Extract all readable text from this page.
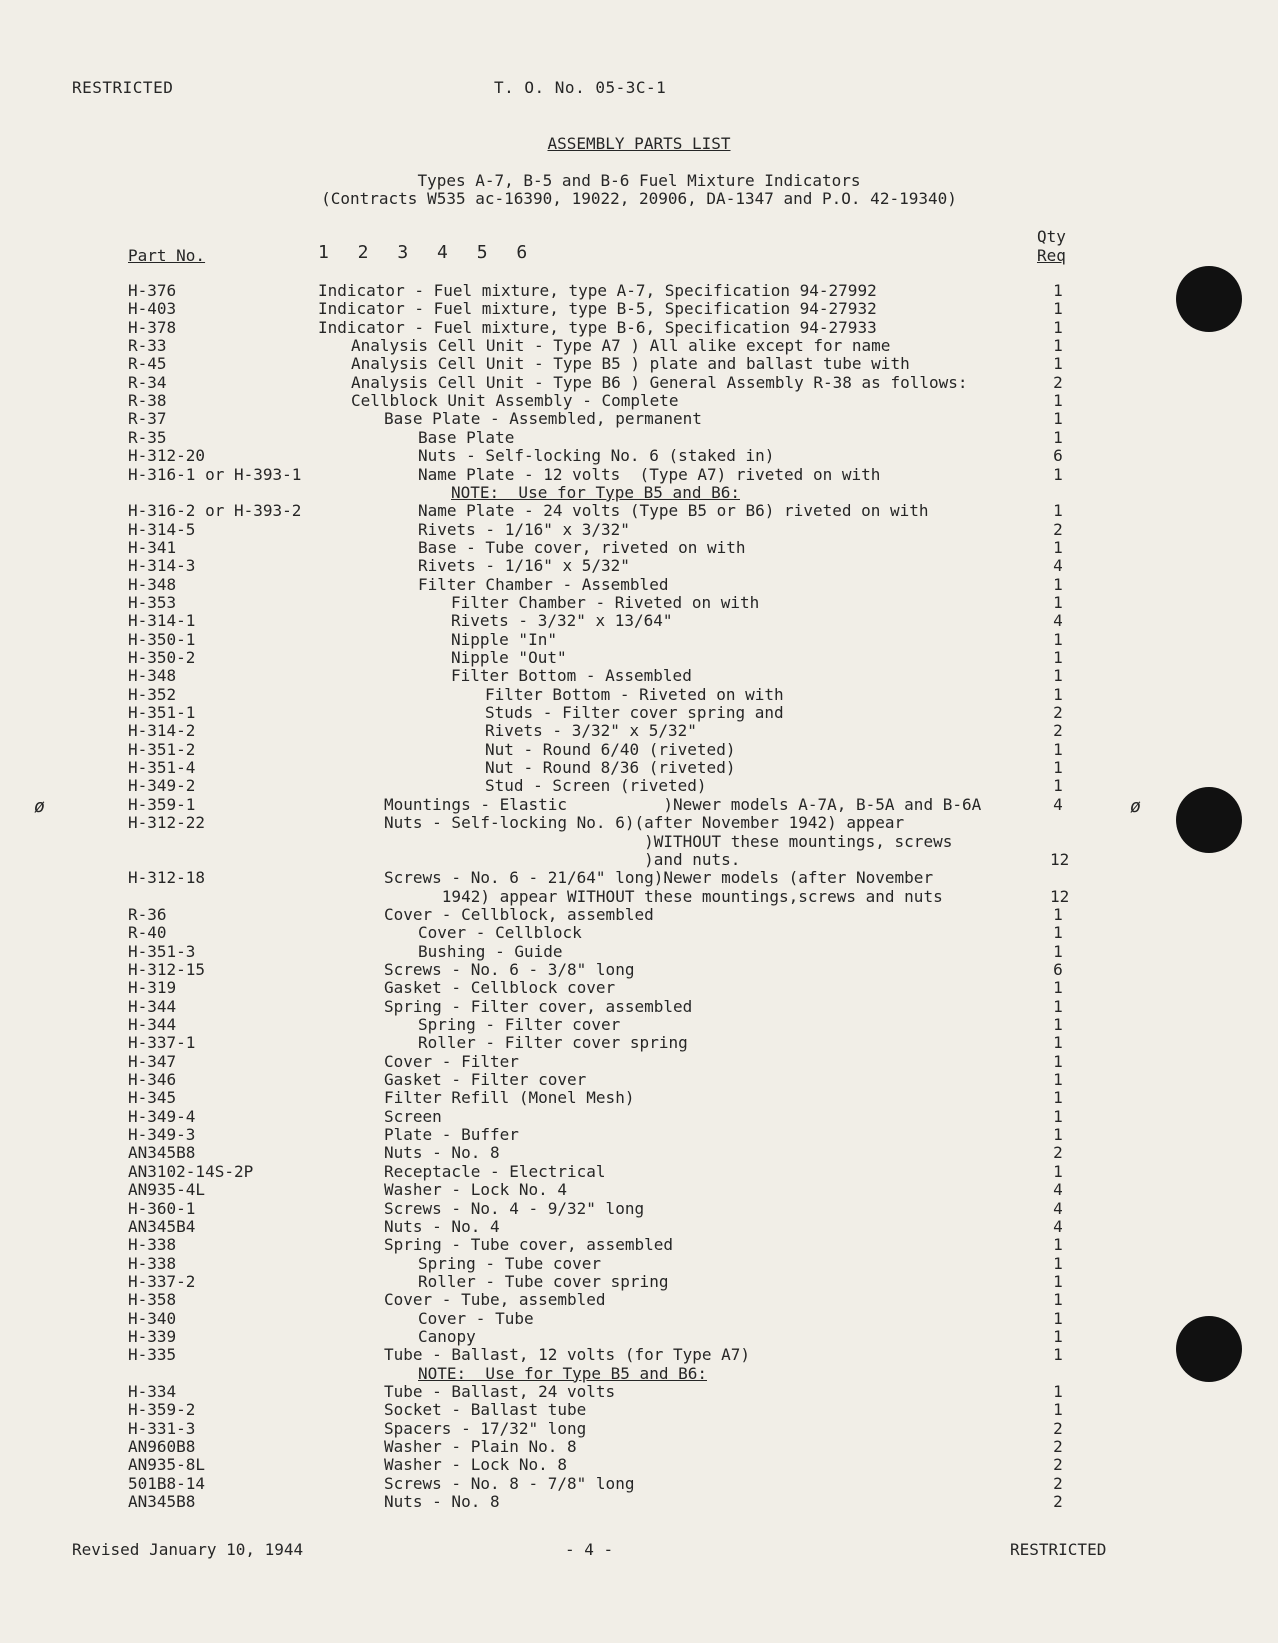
RESTRICTED	T. O. No. 05-3C-1
ASSEMBLY PARTS LIST
Types A-7, B-5 and B-6 Fuel Mixture Indicators
(Contracts W535 ac-16390, 19022, 20906, DA-1347 and P.O. 42-19340)
Part No.	1 2 3 4 5 6
Qty
Req
H-376	Indicator - Fuel mixture, type A-7, Specification 94-27992	1
H-403	Indicator - Fuel mixture, type B-5, Specification 94-27932	1
H-378	Indicator - Fuel mixture, type B-6, Specification 94-27933	1
R-33	Analysis Cell Unit - Type A7 ) All alike except for name	1
R-45	Analysis Cell Unit - Type B5 ) plate and ballast tube with	1
R-34	Analysis Cell Unit - Type B6 ) General Assembly R-38 as follows:	2
R-38	Cellblock Unit Assembly - Complete	1
R-37	Base Plate - Assembled, permanent	1
R-35	Base Plate	1
H-312-20	Nuts - Self-locking No. 6 (staked in)	6
H-316-1 or H-393-1	Name Plate - 12 volts  (Type A7) riveted on with	1
NOTE:  Use for Type B5 and B6:
H-316-2 or H-393-2	Name Plate - 24 volts (Type B5 or B6) riveted on with	1
H-314-5	Rivets - 1/16" x 3/32"	2
H-341	Base - Tube cover, riveted on with	1
H-314-3	Rivets - 1/16" x 5/32"	4
H-348	Filter Chamber - Assembled	1
H-353	Filter Chamber - Riveted on with	1
H-314-1	Rivets - 3/32" x 13/64"	4
H-350-1	Nipple "In"	1
H-350-2	Nipple "Out"	1
H-348	Filter Bottom - Assembled	1
H-352	Filter Bottom - Riveted on with	1
H-351-1	Studs - Filter cover spring and	2
H-314-2	Rivets - 3/32" x 5/32"	2
H-351-2	Nut - Round 6/40 (riveted)	1
H-351-4	Nut - Round 8/36 (riveted)	1
H-349-2	Stud - Screen (riveted)	1
H-359-1	Mountings - Elastic          )Newer models A-7A, B-5A and B-6A	4
H-312-22	Nuts - Self-locking No. 6)(after November 1942) appear
)WITHOUT these mountings, screws
)and nuts.	12
H-312-18	Screws - No. 6 - 21/64" long)Newer models (after November
1942) appear WITHOUT these mountings,screws and nuts	12
R-36	Cover - Cellblock, assembled	1
R-40	Cover - Cellblock	1
H-351-3	Bushing - Guide	1
H-312-15	Screws - No. 6 - 3/8" long	6
H-319	Gasket - Cellblock cover	1
H-344	Spring - Filter cover, assembled	1
H-344	Spring - Filter cover	1
H-337-1	Roller - Filter cover spring	1
H-347	Cover - Filter	1
H-346	Gasket - Filter cover	1
H-345	Filter Refill (Monel Mesh)	1
H-349-4	Screen	1
H-349-3	Plate - Buffer	1
AN345B8	Nuts - No. 8	2
AN3102-14S-2P	Receptacle - Electrical	1
AN935-4L	Washer - Lock No. 4	4
H-360-1	Screws - No. 4 - 9/32" long	4
AN345B4	Nuts - No. 4	4
H-338	Spring - Tube cover, assembled	1
H-338	Spring - Tube cover	1
H-337-2	Roller - Tube cover spring	1
H-358	Cover - Tube, assembled	1
H-340	Cover - Tube	1
H-339	Canopy	1
H-335	Tube - Ballast, 12 volts (for Type A7)	1
NOTE:  Use for Type B5 and B6:
H-334	Tube - Ballast, 24 volts	1
H-359-2	Socket - Ballast tube	1
H-331-3	Spacers - 17/32" long	2
AN960B8	Washer - Plain No. 8	2
AN935-8L	Washer - Lock No. 8	2
501B8-14	Screws - No. 8 - 7/8" long	2
AN345B8	Nuts - No. 8	2
ø	ø
Revised January 10, 1944	- 4 -	RESTRICTED
